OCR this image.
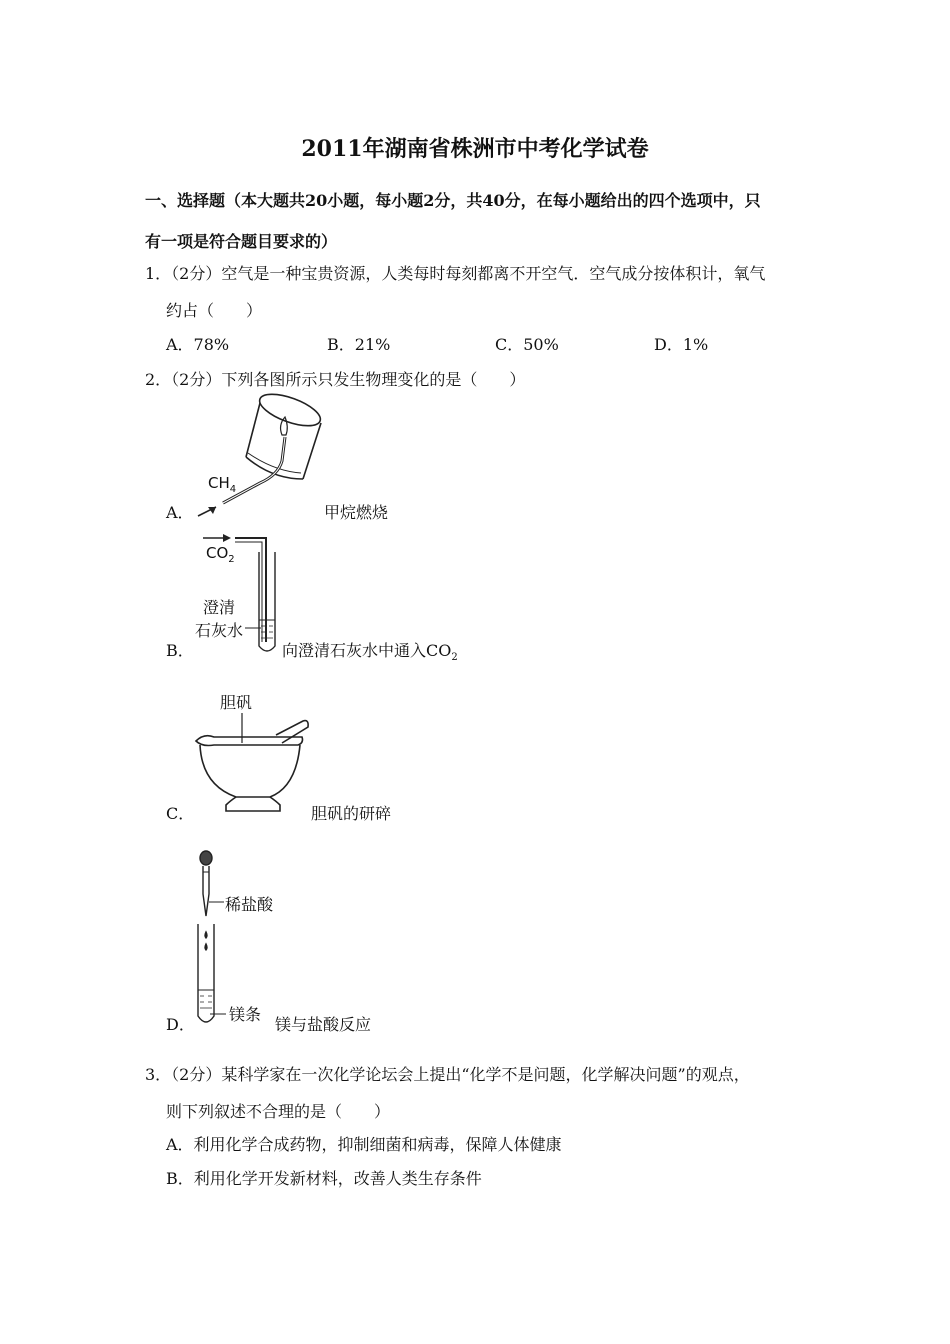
2011年湖南省株洲市中考化学试卷
一、选择题（本大题共20小题，每小题2分，共40分，在每小题给出的四个选项中，只
有一项是符合题目要求的）
1．（2分）空气是一种宝贵资源，人类每时每刻都离不开空气．空气成分按体积计，氧气
约占（　　）
A．78%	B．21%	C．50%	D．1%
2．（2分）下列各图所示只发生物理变化的是（　　）
$CH_4$
A．	甲烷燃烧
$CO_2$
澄清
石灰水
B．	向澄清石灰水中通入$CO_2$
胆矾
C．	胆矾的研碎
稀盐酸
镁条
D．	镁与盐酸反应
3．（2分）某科学家在一次化学论坛会上提出“化学不是问题，化学解决问题”的观点，
则下列叙述不合理的是（　　）
A．利用化学合成药物，抑制细菌和病毒，保障人体健康
B．利用化学开发新材料，改善人类生存条件
